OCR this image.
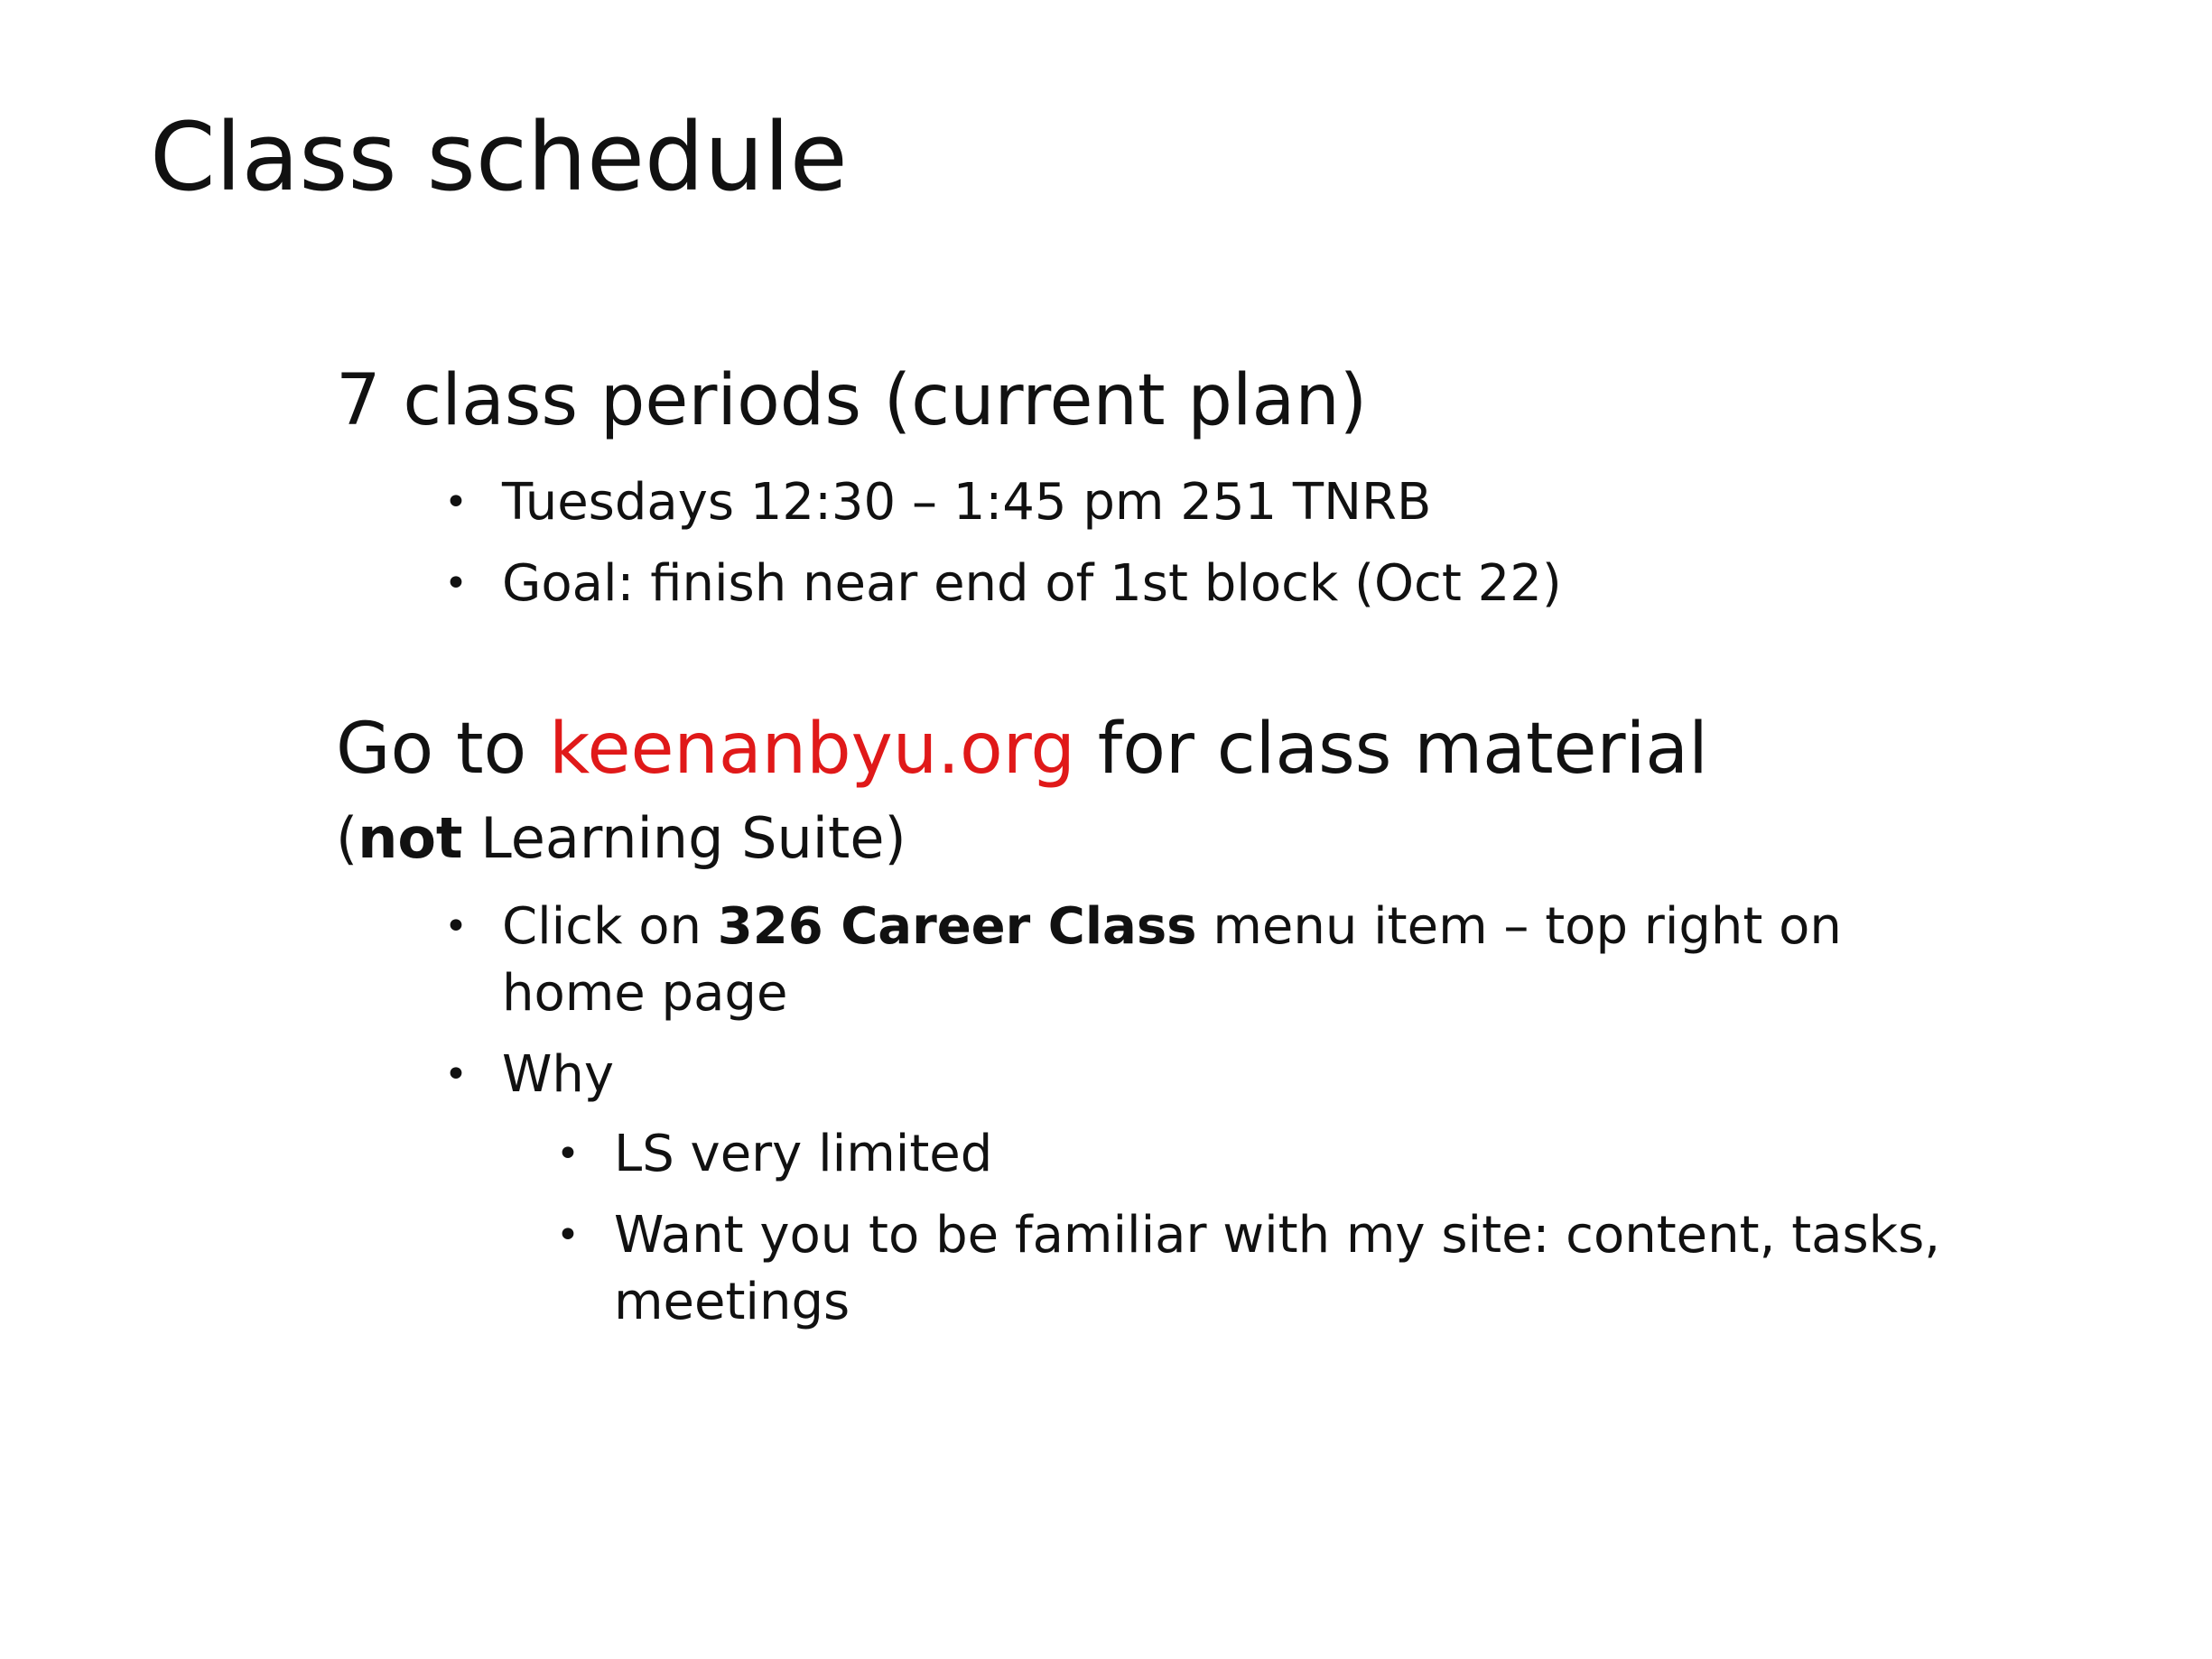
Class schedule
7 class periods (current plan)
• Tuesdays 12:30 – 1:45 pm 251 TNRB
• Goal: finish near end of 1st block (Oct 22)
Go to keenanbyu.org for class material
(not Learning Suite)
• Click on 326 Career Class menu item – top right on home page
• Why
• LS very limited
• Want you to be familiar with my site: content, tasks, meetings
